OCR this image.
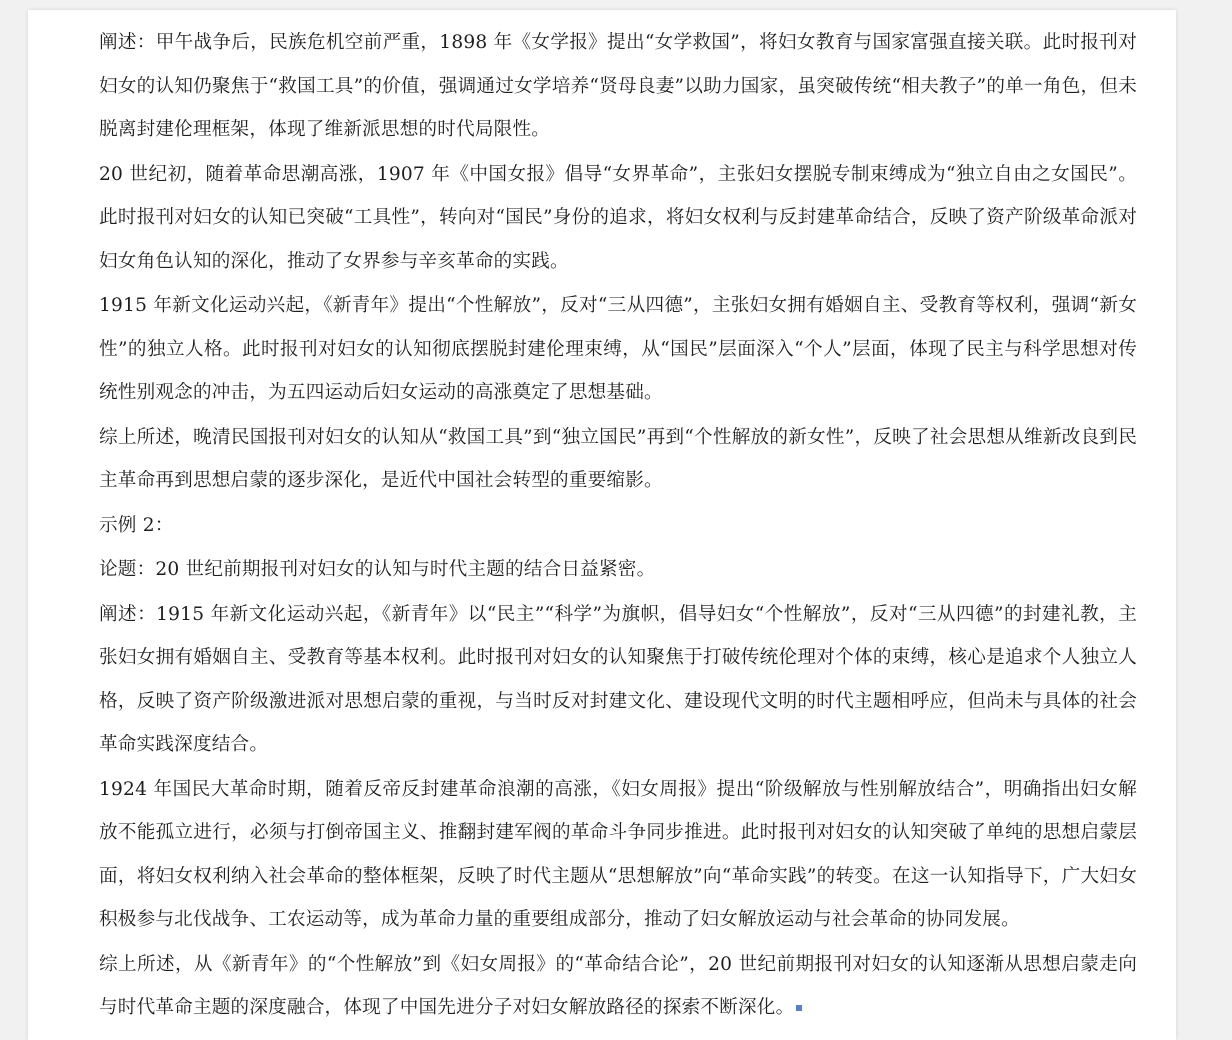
阐述：甲午战争后，民族危机空前严重，1898 年《女学报》提出“女学救国”，将妇女教育与国家富强直接关联。此时报刊对妇女的认知仍聚焦于“救国工具”的价值，强调通过女学培养“贤母良妻”以助力国家，虽突破传统“相夫教子”的单一角色，但未脱离封建伦理框架，体现了维新派思想的时代局限性。

20 世纪初，随着革命思潮高涨，1907 年《中国女报》倡导“女界革命”，主张妇女摆脱专制束缚成为“独立自由之女国民”。此时报刊对妇女的认知已突破“工具性”，转向对“国民”身份的追求，将妇女权利与反封建革命结合，反映了资产阶级革命派对妇女角色认知的深化，推动了女界参与辛亥革命的实践。

1915 年新文化运动兴起，《新青年》提出“个性解放”，反对“三从四德”，主张妇女拥有婚姻自主、受教育等权利，强调“新女性”的独立人格。此时报刊对妇女的认知彻底摆脱封建伦理束缚，从“国民”层面深入“个人”层面，体现了民主与科学思想对传统性别观念的冲击，为五四运动后妇女运动的高涨奠定了思想基础。

综上所述，晚清民国报刊对妇女的认知从“救国工具”到“独立国民”再到“个性解放的新女性”，反映了社会思想从维新改良到民主革命再到思想启蒙的逐步深化，是近代中国社会转型的重要缩影。

示例 2：

论题：20 世纪前期报刊对妇女的认知与时代主题的结合日益紧密。

阐述：1915 年新文化运动兴起，《新青年》以“民主”“科学”为旗帜，倡导妇女“个性解放”，反对“三从四德”的封建礼教，主张妇女拥有婚姻自主、受教育等基本权利。此时报刊对妇女的认知聚焦于打破传统伦理对个体的束缚，核心是追求个人独立人格，反映了资产阶级激进派对思想启蒙的重视，与当时反对封建文化、建设现代文明的时代主题相呼应，但尚未与具体的社会革命实践深度结合。

1924 年国民大革命时期，随着反帝反封建革命浪潮的高涨，《妇女周报》提出“阶级解放与性别解放结合”，明确指出妇女解放不能孤立进行，必须与打倒帝国主义、推翻封建军阀的革命斗争同步推进。此时报刊对妇女的认知突破了单纯的思想启蒙层面，将妇女权利纳入社会革命的整体框架，反映了时代主题从“思想解放”向“革命实践”的转变。在这一认知指导下，广大妇女积极参与北伐战争、工农运动等，成为革命力量的重要组成部分，推动了妇女解放运动与社会革命的协同发展。

综上所述，从《新青年》的“个性解放”到《妇女周报》的“革命结合论”，20 世纪前期报刊对妇女的认知逐渐从思想启蒙走向与时代革命主题的深度融合，体现了中国先进分子对妇女解放路径的探索不断深化。
